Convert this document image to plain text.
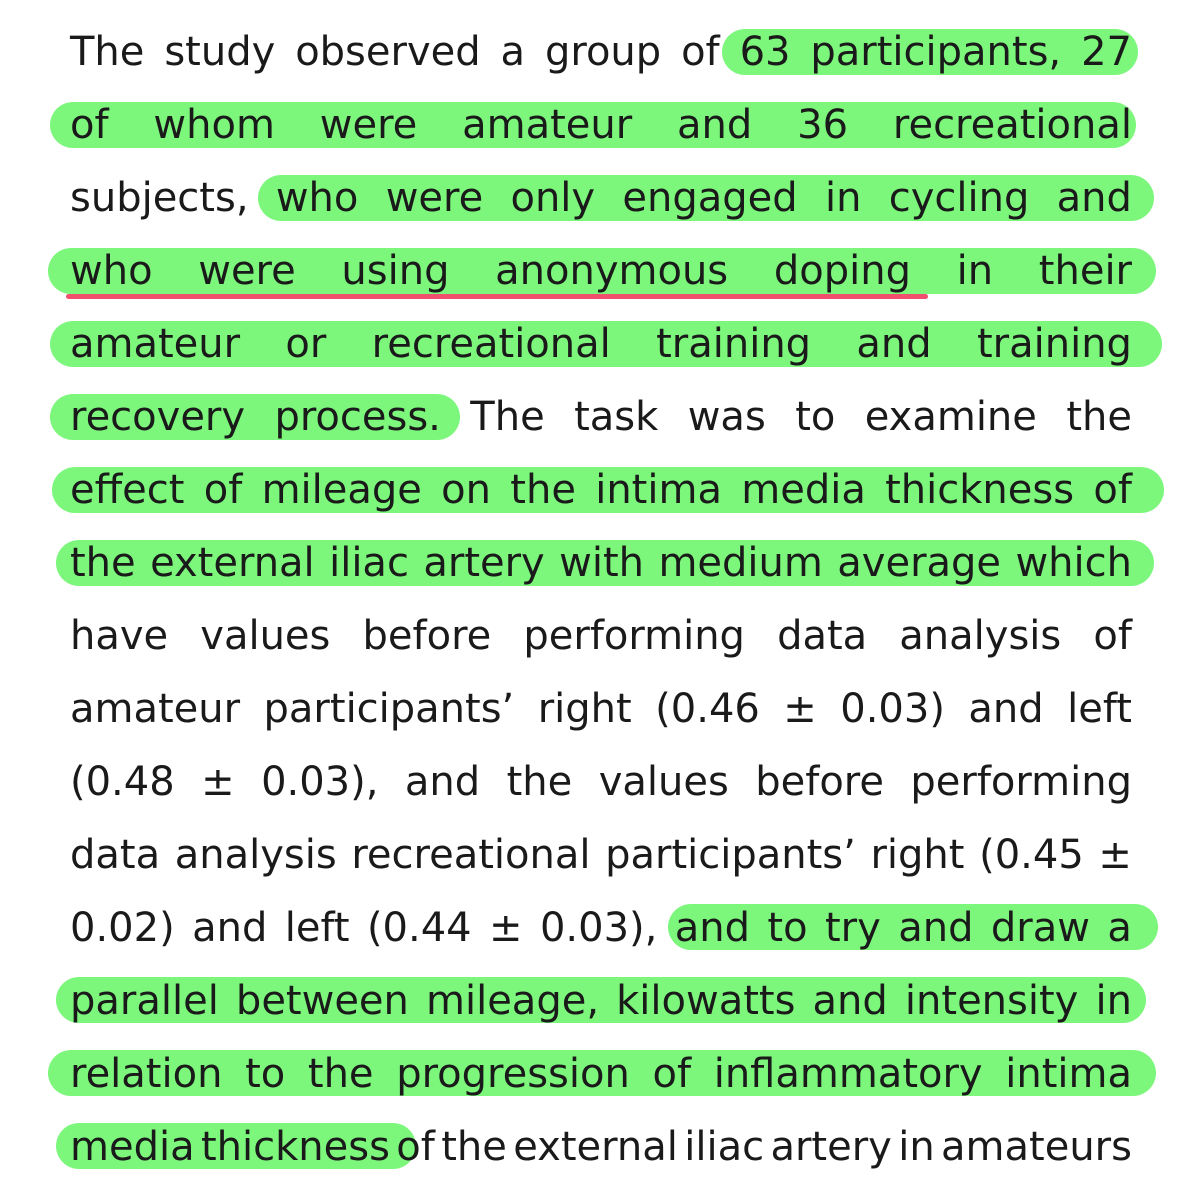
The study observed a group of 63 participants, 27
of whom were amateur and 36 recreational
subjects, who were only engaged in cycling and
who were using anonymous doping in their
amateur or recreational training and training
recovery process. The task was to examine the
effect of mileage on the intima media thickness of
the external iliac artery with medium average which
have values before performing data analysis of
amateur participants’ right (0.46 ± 0.03) and left
(0.48 ± 0.03), and the values before performing
data analysis recreational participants’ right (0.45 ±
0.02) and left (0.44 ± 0.03), and to try and draw a
parallel between mileage, kilowatts and intensity in
relation to the progression of inflammatory intima
media thickness of the external iliac artery in amateurs
